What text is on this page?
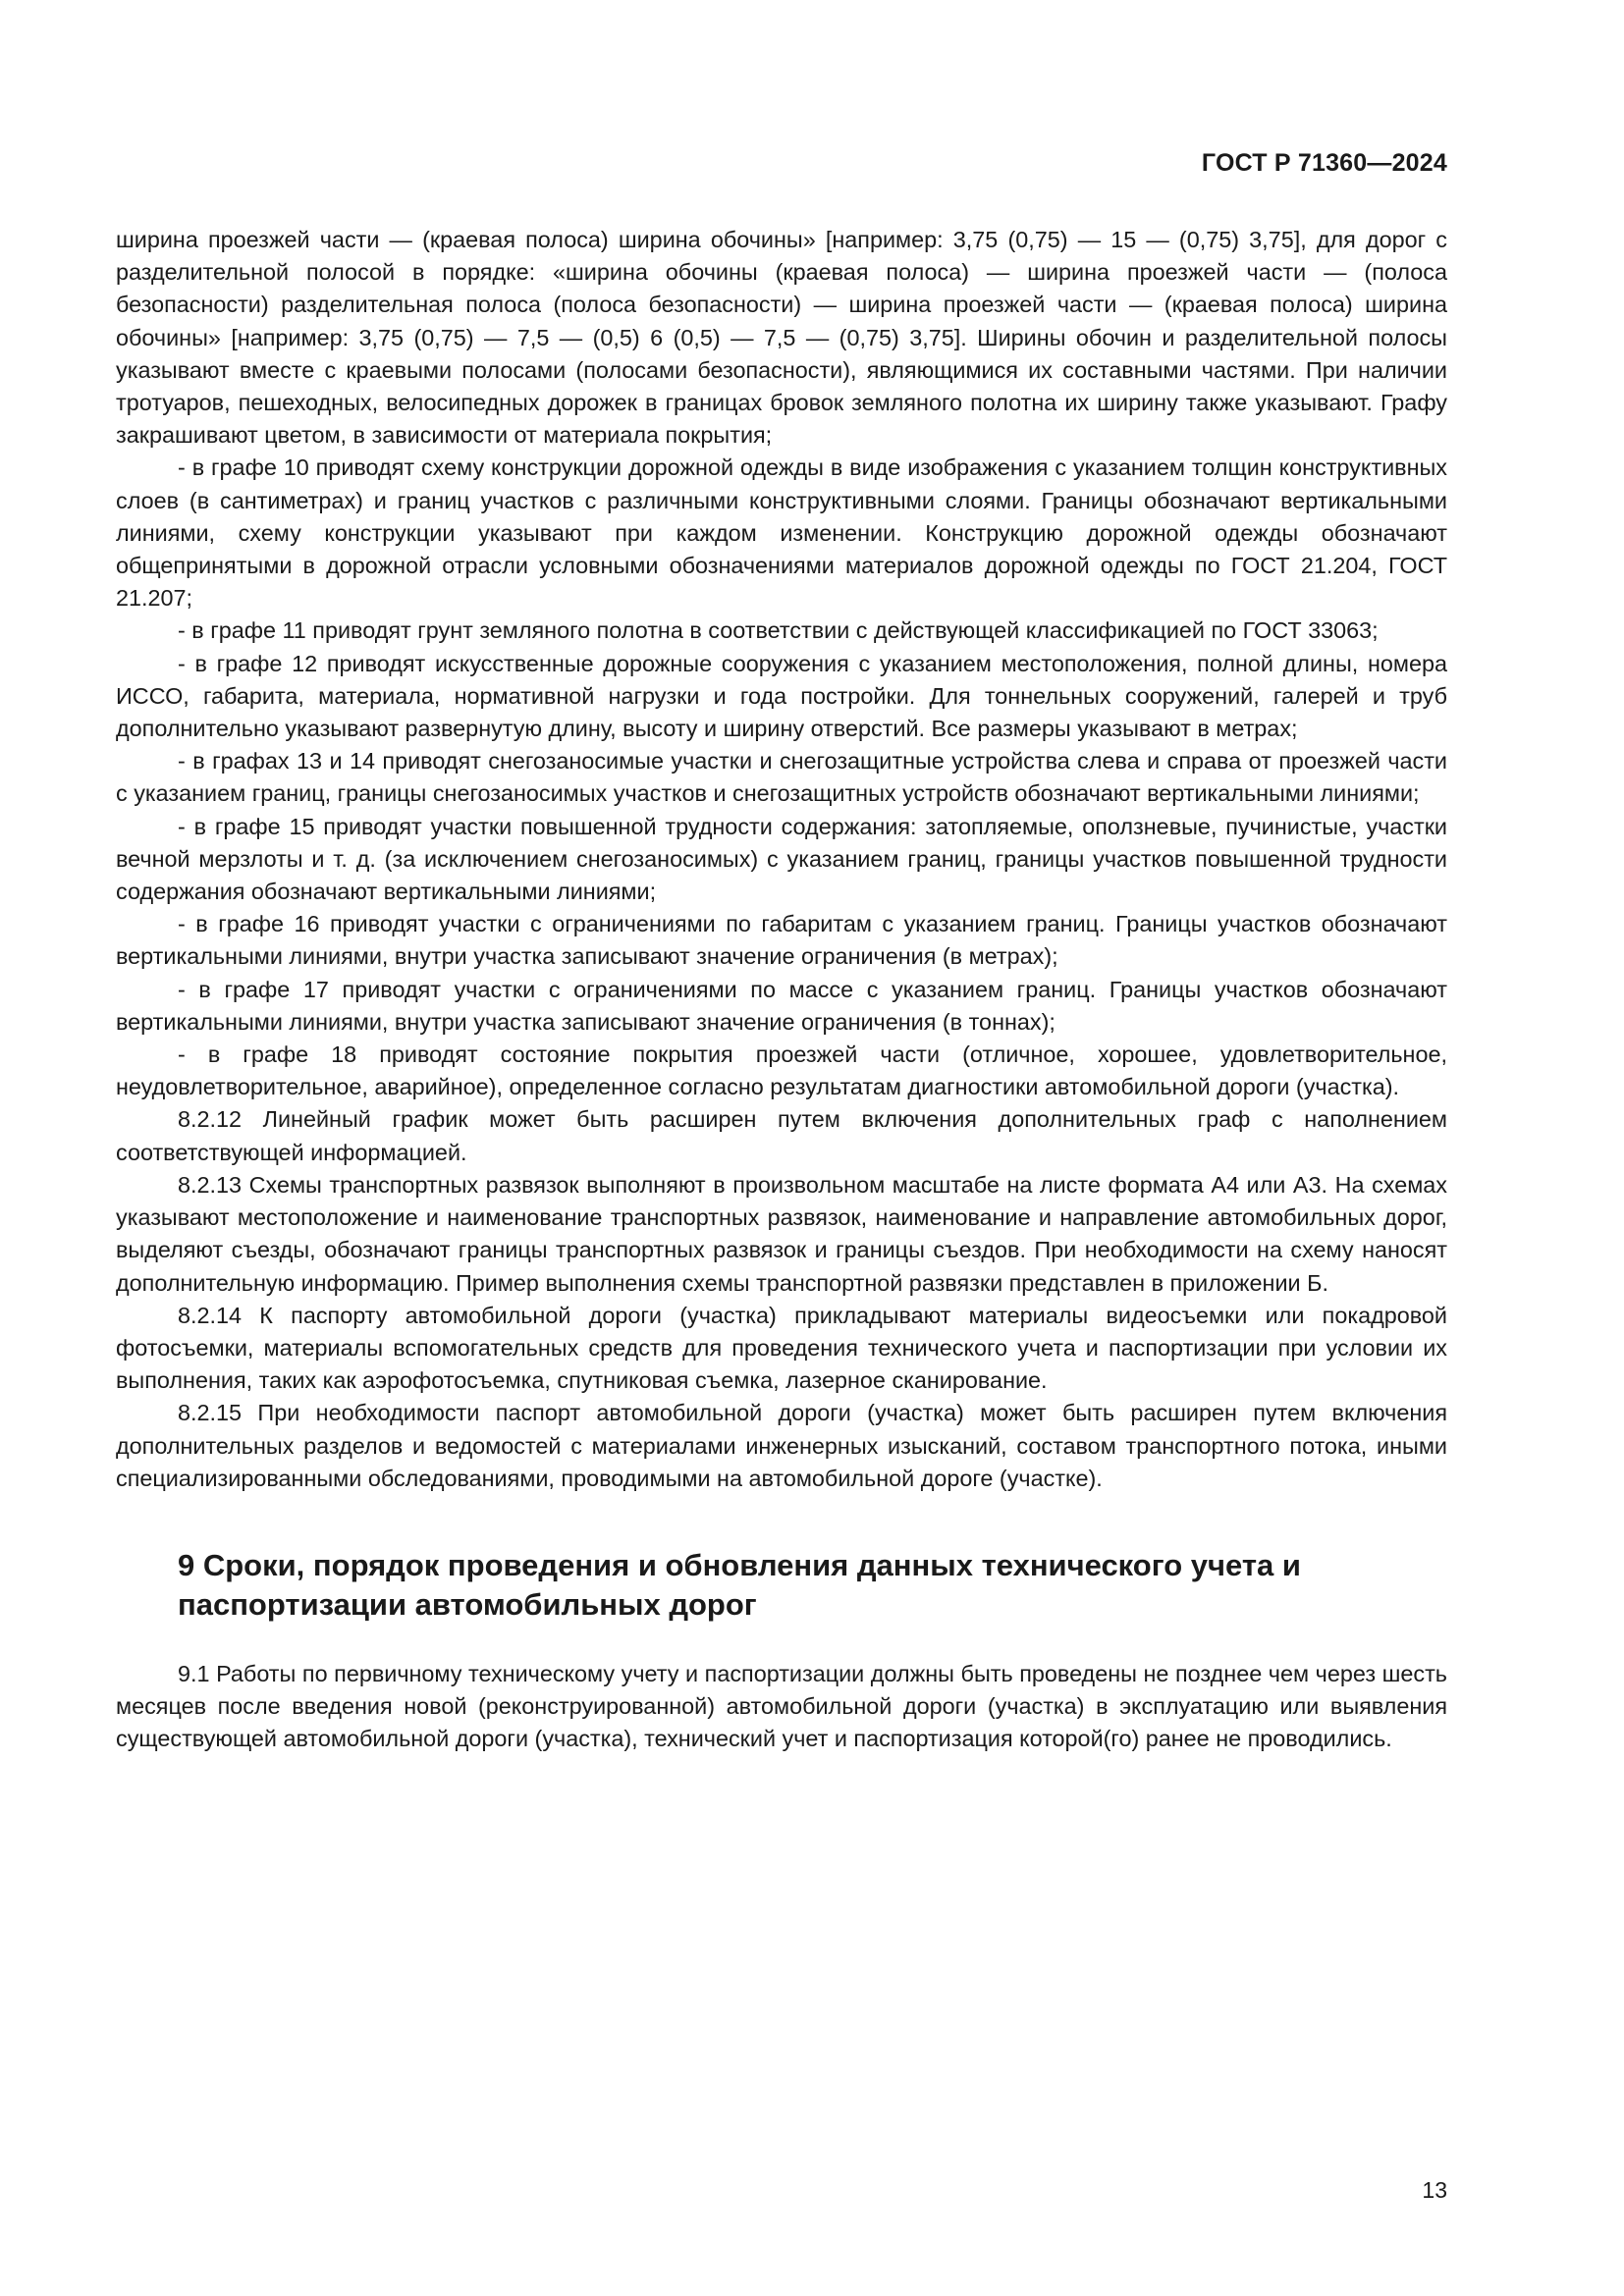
ГОСТ Р 71360—2024

ширина проезжей части — (краевая полоса) ширина обочины» [например: 3,75 (0,75) — 15 — (0,75) 3,75], для дорог с разделительной полосой в порядке: «ширина обочины (краевая полоса) — ширина проезжей части — (полоса безопасности) разделительная полоса (полоса безопасности) — ширина проезжей части — (краевая полоса) ширина обочины» [например: 3,75 (0,75) — 7,5 — (0,5) 6 (0,5) — 7,5 — (0,75) 3,75]. Ширины обочин и разделительной полосы указывают вместе с краевыми полосами (полосами безопасности), являющимися их составными частями. При наличии тротуаров, пешеходных, велосипедных дорожек в границах бровок земляного полотна их ширину также указывают. Графу закрашивают цветом, в зависимости от материала покрытия;

- в графе 10 приводят схему конструкции дорожной одежды в виде изображения с указанием толщин конструктивных слоев (в сантиметрах) и границ участков с различными конструктивными слоями. Границы обозначают вертикальными линиями, схему конструкции указывают при каждом изменении. Конструкцию дорожной одежды обозначают общепринятыми в дорожной отрасли условными обозначениями материалов дорожной одежды по ГОСТ 21.204, ГОСТ 21.207;

- в графе 11 приводят грунт земляного полотна в соответствии с действующей классификацией по ГОСТ 33063;

- в графе 12 приводят искусственные дорожные сооружения с указанием местоположения, полной длины, номера ИССО, габарита, материала, нормативной нагрузки и года постройки. Для тоннельных сооружений, галерей и труб дополнительно указывают развернутую длину, высоту и ширину отверстий. Все размеры указывают в метрах;

- в графах 13 и 14 приводят снегозаносимые участки и снегозащитные устройства слева и справа от проезжей части с указанием границ, границы снегозаносимых участков и снегозащитных устройств обозначают вертикальными линиями;

- в графе 15 приводят участки повышенной трудности содержания: затопляемые, оползневые, пучинистые, участки вечной мерзлоты и т. д. (за исключением снегозаносимых) с указанием границ, границы участков повышенной трудности содержания обозначают вертикальными линиями;

- в графе 16 приводят участки с ограничениями по габаритам с указанием границ. Границы участков обозначают вертикальными линиями, внутри участка записывают значение ограничения (в метрах);

- в графе 17 приводят участки с ограничениями по массе с указанием границ. Границы участков обозначают вертикальными линиями, внутри участка записывают значение ограничения (в тоннах);

- в графе 18 приводят состояние покрытия проезжей части (отличное, хорошее, удовлетворительное, неудовлетворительное, аварийное), определенное согласно результатам диагностики автомобильной дороги (участка).

8.2.12 Линейный график может быть расширен путем включения дополнительных граф с наполнением соответствующей информацией.

8.2.13 Схемы транспортных развязок выполняют в произвольном масштабе на листе формата А4 или А3. На схемах указывают местоположение и наименование транспортных развязок, наименование и направление автомобильных дорог, выделяют съезды, обозначают границы транспортных развязок и границы съездов. При необходимости на схему наносят дополнительную информацию. Пример выполнения схемы транспортной развязки представлен в приложении Б.

8.2.14 К паспорту автомобильной дороги (участка) прикладывают материалы видеосъемки или покадровой фотосъемки, материалы вспомогательных средств для проведения технического учета и паспортизации при условии их выполнения, таких как аэрофотосъемка, спутниковая съемка, лазерное сканирование.

8.2.15 При необходимости паспорт автомобильной дороги (участка) может быть расширен путем включения дополнительных разделов и ведомостей с материалами инженерных изысканий, составом транспортного потока, иными специализированными обследованиями, проводимыми на автомобильной дороге (участке).

9 Сроки, порядок проведения и обновления данных технического учета и паспортизации автомобильных дорог

9.1 Работы по первичному техническому учету и паспортизации должны быть проведены не позднее чем через шесть месяцев после введения новой (реконструированной) автомобильной дороги (участка) в эксплуатацию или выявления существующей автомобильной дороги (участка), технический учет и паспортизация которой(го) ранее не проводились.

13
